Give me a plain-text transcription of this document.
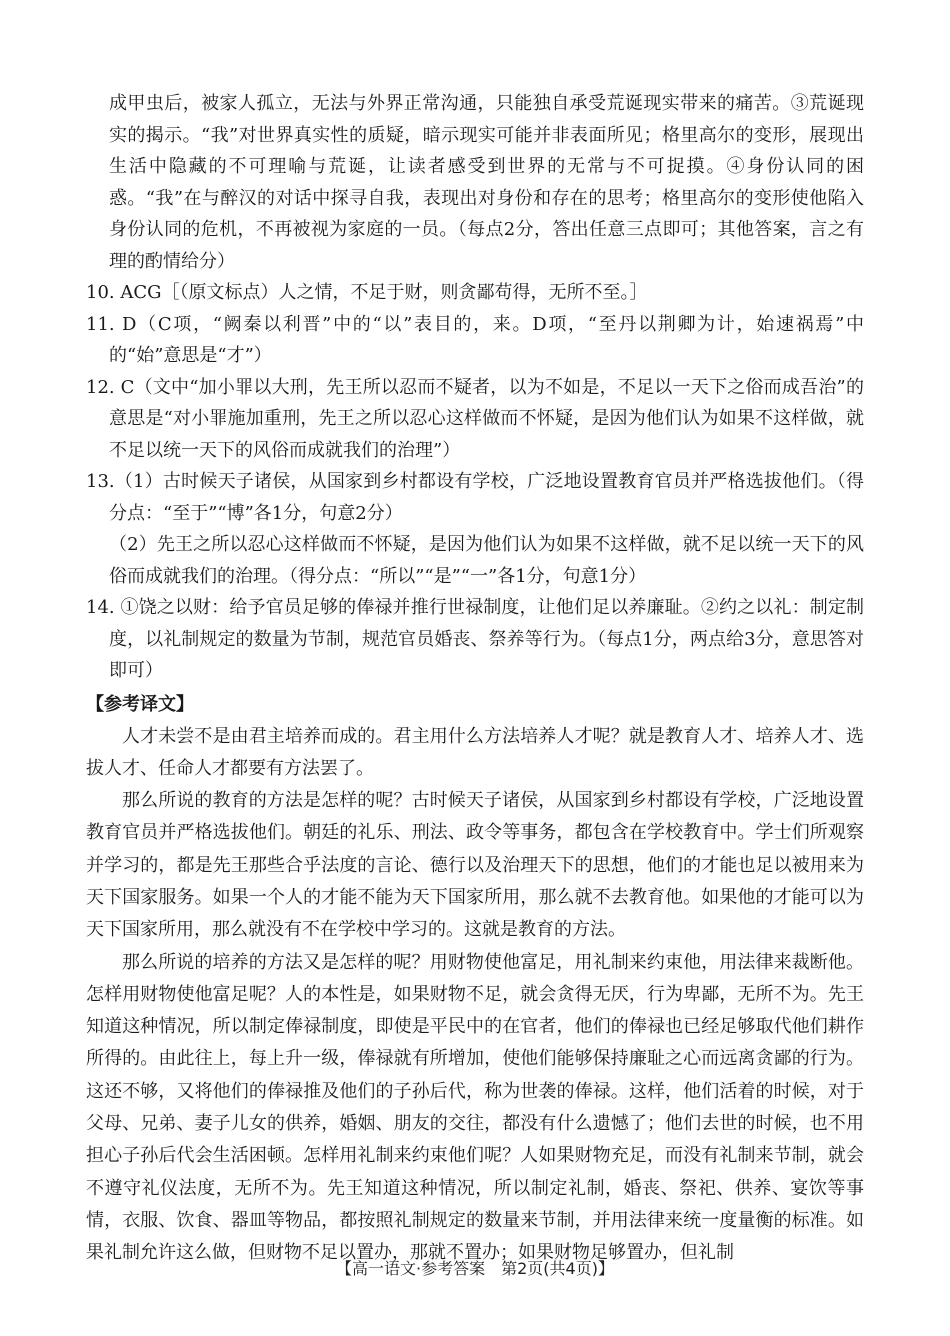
成甲虫后，被家人孤立，无法与外界正常沟通，只能独自承受荒诞现实带来的痛苦。③荒诞现实的揭示。“我”对世界真实性的质疑，暗示现实可能并非表面所见；格里高尔的变形，展现出生活中隐藏的不可理喻与荒诞，让读者感受到世界的无常与不可捉摸。④身份认同的困惑。“我”在与醉汉的对话中探寻自我，表现出对身份和存在的思考；格里高尔的变形使他陷入身份认同的危机，不再被视为家庭的一员。（每点2分，答出任意三点即可；其他答案，言之有理的酌情给分）

10. ACG［（原文标点）人之情，不足于财，则贪鄙苟得，无所不至。］

11. D（C项，“阙秦以利晋”中的“以”表目的，来。D项，“至丹以荆卿为计，始速祸焉”中的“始”意思是“才”）

12. C（文中“加小罪以大刑，先王所以忍而不疑者，以为不如是，不足以一天下之俗而成吾治”的意思是“对小罪施加重刑，先王之所以忍心这样做而不怀疑，是因为他们认为如果不这样做，就不足以统一天下的风俗而成就我们的治理”）

13.（1）古时候天子诸侯，从国家到乡村都设有学校，广泛地设置教育官员并严格选拔他们。（得分点：“至于”“博”各1分，句意2分）

（2）先王之所以忍心这样做而不怀疑，是因为他们认为如果不这样做，就不足以统一天下的风俗而成就我们的治理。（得分点：“所以”“是”“一”各1分，句意1分）

14. ①饶之以财：给予官员足够的俸禄并推行世禄制度，让他们足以养廉耻。②约之以礼：制定制度，以礼制规定的数量为节制，规范官员婚丧、祭养等行为。（每点1分，两点给3分，意思答对即可）

【参考译文】

人才未尝不是由君主培养而成的。君主用什么方法培养人才呢？就是教育人才、培养人才、选拔人才、任命人才都要有方法罢了。

那么所说的教育的方法是怎样的呢？古时候天子诸侯，从国家到乡村都设有学校，广泛地设置教育官员并严格选拔他们。朝廷的礼乐、刑法、政令等事务，都包含在学校教育中。学士们所观察并学习的，都是先王那些合乎法度的言论、德行以及治理天下的思想，他们的才能也足以被用来为天下国家服务。如果一个人的才能不能为天下国家所用，那么就不去教育他。如果他的才能可以为天下国家所用，那么就没有不在学校中学习的。这就是教育的方法。

那么所说的培养的方法又是怎样的呢？用财物使他富足，用礼制来约束他，用法律来裁断他。怎样用财物使他富足呢？人的本性是，如果财物不足，就会贪得无厌，行为卑鄙，无所不为。先王知道这种情况，所以制定俸禄制度，即使是平民中的在官者，他们的俸禄也已经足够取代他们耕作所得的。由此往上，每上升一级，俸禄就有所增加，使他们能够保持廉耻之心而远离贪鄙的行为。这还不够，又将他们的俸禄推及他们的子孙后代，称为世袭的俸禄。这样，他们活着的时候，对于父母、兄弟、妻子儿女的供养，婚姻、朋友的交往，都没有什么遗憾了；他们去世的时候，也不用担心子孙后代会生活困顿。怎样用礼制来约束他们呢？人如果财物充足，而没有礼制来节制，就会不遵守礼仪法度，无所不为。先王知道这种情况，所以制定礼制，婚丧、祭祀、供养、宴饮等事情，衣服、饮食、器皿等物品，都按照礼制规定的数量来节制，并用法律来统一度量衡的标准。如果礼制允许这么做，但财物不足以置办，那就不置办；如果财物足够置办，但礼制

【高一语文·参考答案　第2页(共4页)】
